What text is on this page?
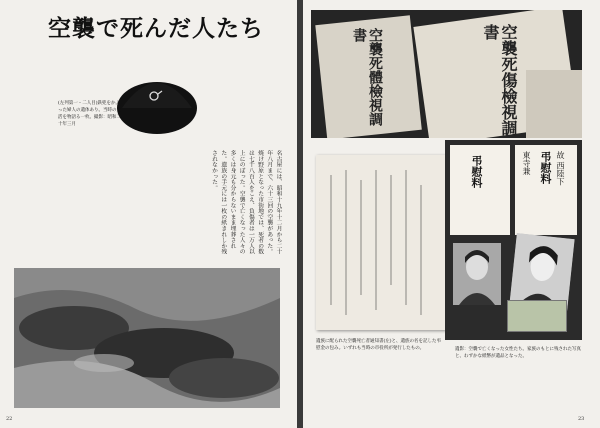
空襲で死んだ人たち
(左列第一・二人目)鉄兜をかぶった婦人の遺体あり。当時の生活を物語る一枚。撮影：昭和二十年三月
名古屋には、昭和十九年十二月から二十年八月まで、六十三回の空襲があった。焼け野原となった市街地では、死者の数は七千八百人をこえ、負傷者は一万人以上にのぼった。空襲で亡くなった人々の多くは身元も分からないまま埋葬された。遺族の手元には一枚の紙きれしか残されなかった。
22
空襲死體檢視調書	空襲死傷檢視調書
弔慰料	故 西陸下
弔慰料
東寺兼
遺族に配られた空襲死亡者通知書(左)と、遺族の名を記した弔慰金の包み。いずれも当時の市役所が発行したもの。	遺影：空襲で亡くなった女性たち。家族のもとに残された写真と、わずかな紙幣が遺品となった。
23
